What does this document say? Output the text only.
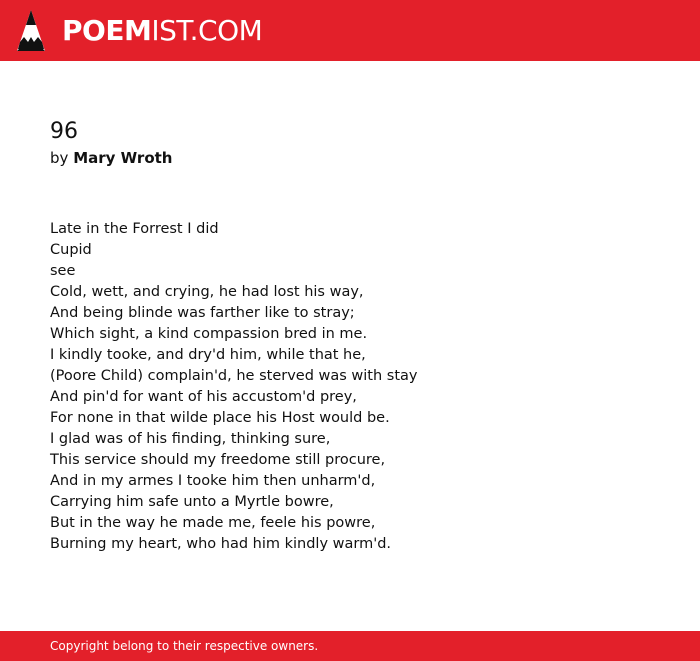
POEMIST.COM
96

by Mary Wroth

Late in the Forrest I did
Cupid
see
Cold, wett, and crying, he had lost his way,
And being blinde was farther like to stray;
Which sight, a kind compassion bred in me.
I kindly tooke, and dry'd him, while that he,
(Poore Child) complain'd, he sterved was with stay
And pin'd for want of his accustom'd prey,
For none in that wilde place his Host would be.
I glad was of his finding, thinking sure,
This service should my freedome still procure,
And in my armes I tooke him then unharm'd,
Carrying him safe unto a Myrtle bowre,
But in the way he made me, feele his powre,
Burning my heart, who had him kindly warm'd.
Copyright belong to their respective owners.
